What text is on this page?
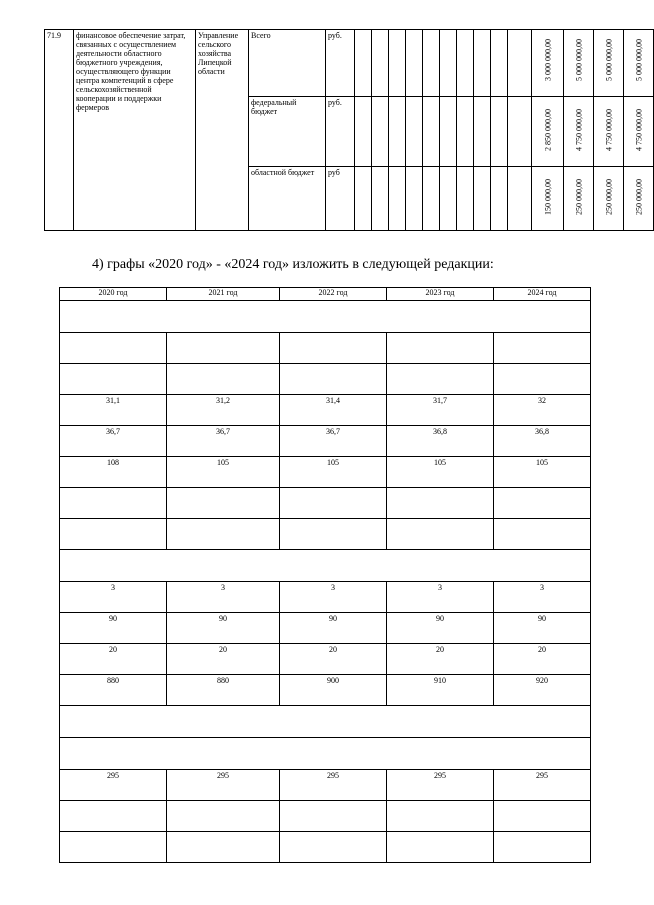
71.9	финансовое обеспечение затрат, связанных с осуществлением деятельности областного бюджетного учреждения, осуществляющего функции центра компетенций в сфере сельскохозяйственной кооперации и поддержки фермеров	Управление сельского хозяйства Липецкой области	Всего	руб.											3 000 000,00	5 000 000,00	5 000 000,00	5 000 000,00

			федеральный бюджет	руб.											2 850 000,00	4 750 000,00	4 750 000,00	4 750 000,00

			областной бюджет	руб											150 000,00	250 000,00	250 000,00	250 000,00
4) графы «2020 год» - «2024 год» изложить в следующей редакции:
2020 год	2021 год	2022 год	2023 год	2024 год

31,1	31,2	31,4	31,7	32
36,7	36,7	36,7	36,8	36,8
108	105	105	105	105

3	3	3	3	3
90	90	90	90	90
20	20	20	20	20
880	880	900	910	920

295	295	295	295	295
